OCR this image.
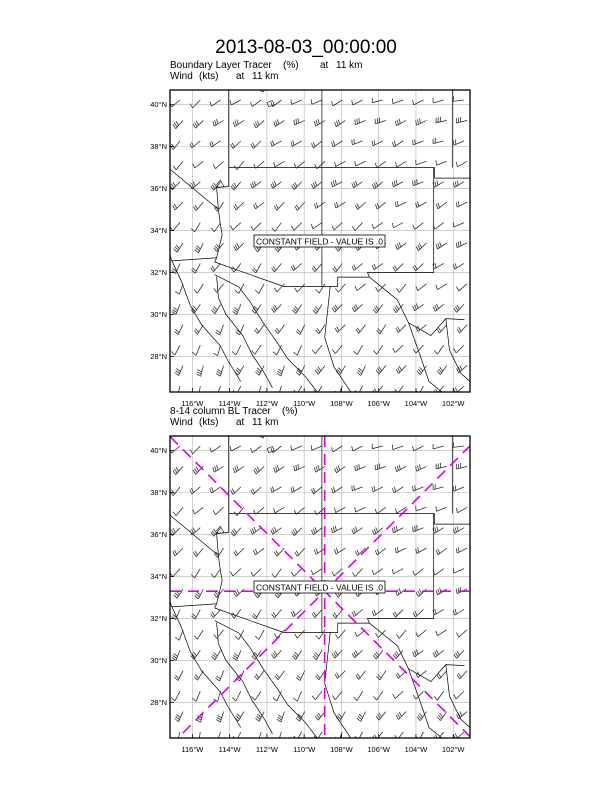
2013-08-03_00:00:00
Boundary Layer Tracer (%) at 11 km
Wind (kts) at 11 km
40°N
38°N
36°N
34°N
32°N
30°N
28°N
116°W 114°W 112°W 110°W 108°W 106°W 104°W 102°W
CONSTANT FIELD - VALUE IS .0
8-14 column BL Tracer (%)
Wind (kts) at 11 km
40°N
38°N
36°N
34°N
32°N
30°N
28°N
116°W 114°W 112°W 110°W 108°W 106°W 104°W 102°W
CONSTANT FIELD - VALUE IS .0
